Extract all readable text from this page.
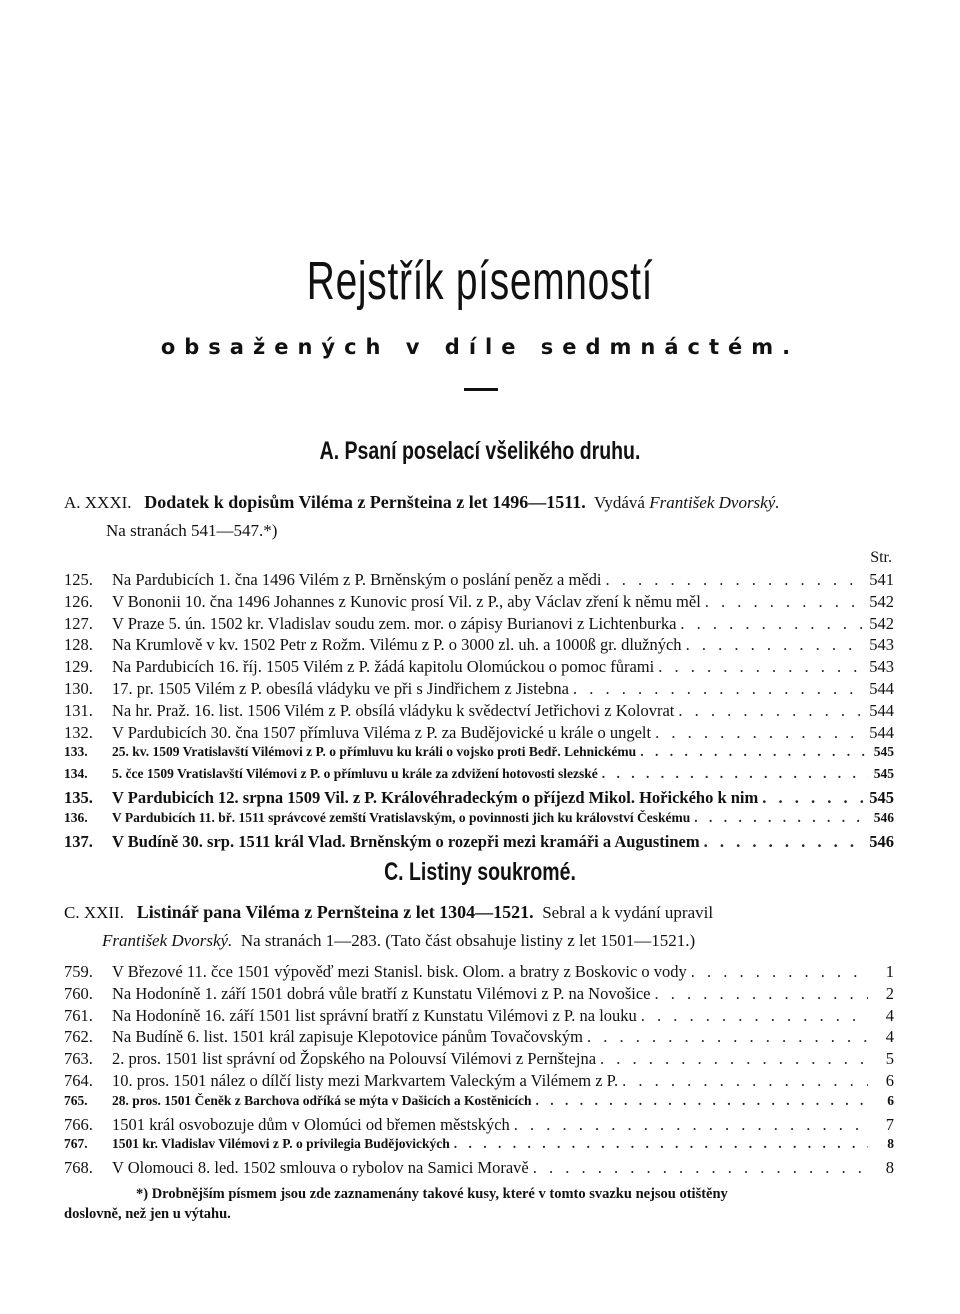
Rejstřík písemností
obsažených v díle sedmnáctém.
A. Psaní poselací všelikého druhu.
A. XXXI. Dodatek k dopisům Viléma z Pernšteina z let 1496—1511. Vydává František Dvorský.
Na stranách 541—547.*)
Str.
125.	Na Pardubicích 1. čna 1496 Vilém z P. Brněnským o poslání peněz a mědi . . .	541
126.	V Bononii 10. čna 1496 Johannes z Kunovic prosí Vil. z P., aby Václav zření k němu měl . . .	542
127.	V Praze 5. ún. 1502 kr. Vladislav soudu zem. mor. o zápisy Burianovi z Lichtenburka . . .	542
128.	Na Krumlově v kv. 1502 Petr z Rožm. Vilému z P. o 3000 zl. uh. a 1000ß gr. dlužných . . .	543
129.	Na Pardubicích 16. říj. 1505 Vilém z P. žádá kapitolu Olomúckou o pomoc fůrami . . .	543
130.	17. pr. 1505 Vilém z P. obesílá vládyku ve při s Jindřichem z Jistebna . . .	544
131.	Na hr. Praž. 16. list. 1506 Vilém z P. obsílá vládyku k svědectví Jetřichovi z Kolovrat . . .	544
132.	V Pardubicích 30. čna 1507 přímluva Viléma z P. za Budějovické u krále o ungelt . . .	544
133.	25. kv. 1509 Vratislavští Vilémovi z P. o přímluvu ku králi o vojsko proti Bedř. Lehnickému . . .	545
134.	5. čce 1509 Vratislavští Vilémovi z P. o přímluvu u krále za zdvižení hotovosti slezské . . .	545
135.	V Pardubicích 12. srpna 1509 Vil. z P. Královéhradeckým o příjezd Mikol. Hořického k nim . . .	545
136.	V Pardubicích 11. bř. 1511 správcové zemští Vratislavským, o povinnosti jich ku království Českému . . .	546
137.	V Budíně 30. srp. 1511 král Vlad. Brněnským o rozepři mezi kramáři a Augustinem . . .	546
C. Listiny soukromé.
C. XXII. Listinář pana Viléma z Pernšteina z let 1304—1521. Sebral a k vydání upravil
František Dvorský. Na stranách 1—283. (Tato část obsahuje listiny z let 1501—1521.)
759.	V Březové 11. čce 1501 výpověď mezi Stanisl. bisk. Olom. a bratry z Boskovic o vody . . .	1
760.	Na Hodoníně 1. září 1501 dobrá vůle bratří z Kunstatu Vilémovi z P. na Novošice . . .	2
761.	Na Hodoníně 16. září 1501 list správní bratří z Kunstatu Vilémovi z P. na louku . . .	4
762.	Na Budíně 6. list. 1501 král zapisuje Klepotovice pánům Tovačovským . . .	4
763.	2. pros. 1501 list správní od Žopského na Polouvsí Vilémovi z Pernštejna . . .	5
764.	10. pros. 1501 nález o dílčí listy mezi Markvartem Valeckým a Vilémem z P. . . .	6
765.	28. pros. 1501 Čeněk z Barchova odříká se mýta v Dašicích a Kostěnicích . . .	6
766.	1501 král osvobozuje dům v Olomúci od břemen městských . . .	7
767.	1501 kr. Vladislav Vilémovi z P. o privilegia Budějovických . . .	8
768.	V Olomouci 8. led. 1502 smlouva o rybolov na Samici Moravě . . .	8
*) Drobnějším písmem jsou zde zaznamenány takové kusy, které v tomto svazku nejsou otištěny
doslovně, než jen u výtahu.
